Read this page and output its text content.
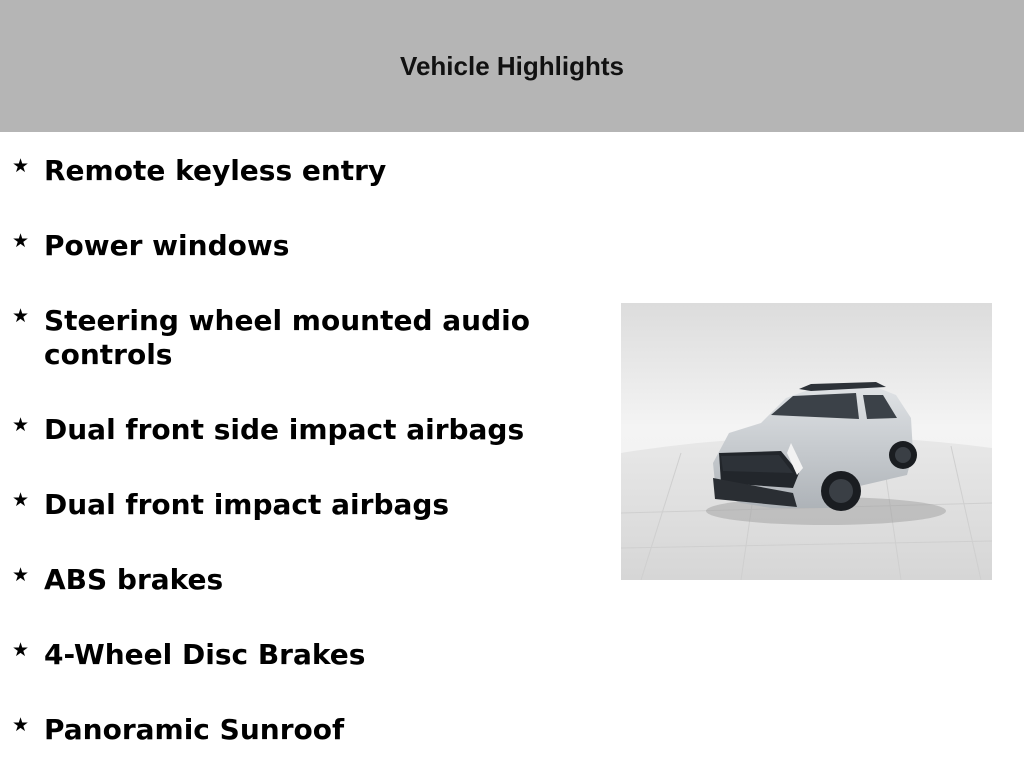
Vehicle Highlights
★ Remote keyless entry
★ Power windows
★ Steering wheel mounted audio controls
★ Dual front side impact airbags
★ Dual front impact airbags
★ ABS brakes
★ 4-Wheel Disc Brakes
★ Panoramic Sunroof
